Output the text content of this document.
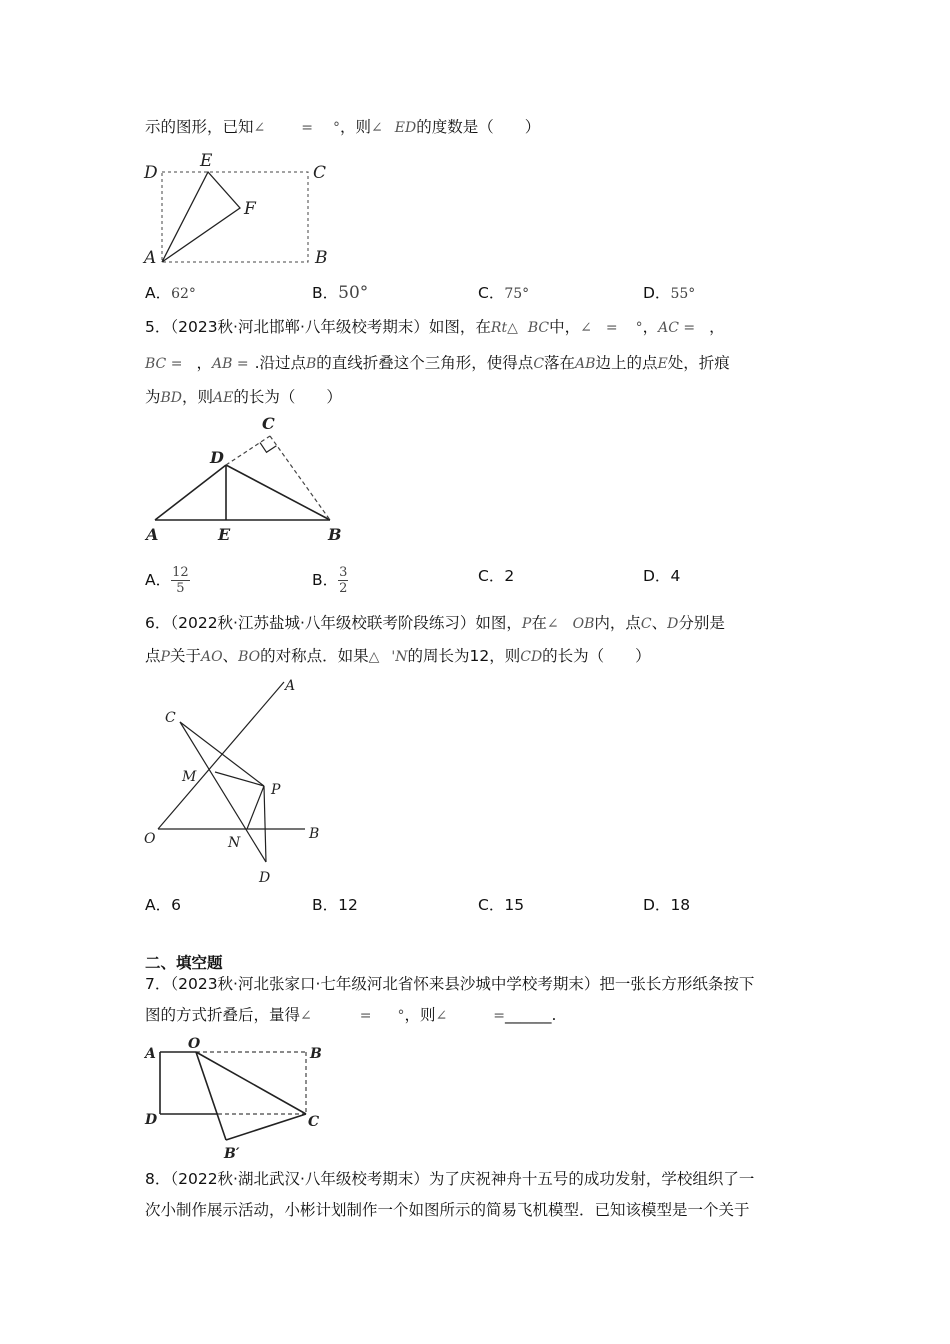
示的图形，已知∠	= °，则∠ ED的度数是（　　）
D
E
C
F
A	B
A．62°	B．50°	C．75°	D．55°
5．（2023秋·河北邯郸·八年级校考期末）如图，在Rt△ BC中，∠ = °，AC = ，
BC = ，AB = .沿过点B的直线折叠这个三角形，使得点C落在AB边上的点E处，折痕
为BD，则AE的长为（　　）
C
D
A	E	B
A． $\frac{12}{5}$	B． $\frac{3}{2}$	C．2	D．4
6．（2022秋·江苏盐城·八年级校联考阶段练习）如图，P在∠ OB内，点C、D分别是
点P关于AO、BO的对称点．如果△ 'N的周长为12，则CD的长为（　　）
A
C
M
P
O	N
B
D
A．6	B．12	C．15	D．18
二、填空题
7．（2023秋·河北张家口·七年级河北省怀来县沙城中学校考期末）把一张长方形纸条按下
图的方式折叠后，量得∠	= °，则∠	=______.
A
O
B
D	C
B′
8．（2022秋·湖北武汉·八年级校考期末）为了庆祝神舟十五号的成功发射，学校组织了一
次小制作展示活动，小彬计划制作一个如图所示的简易飞机模型．已知该模型是一个关于
